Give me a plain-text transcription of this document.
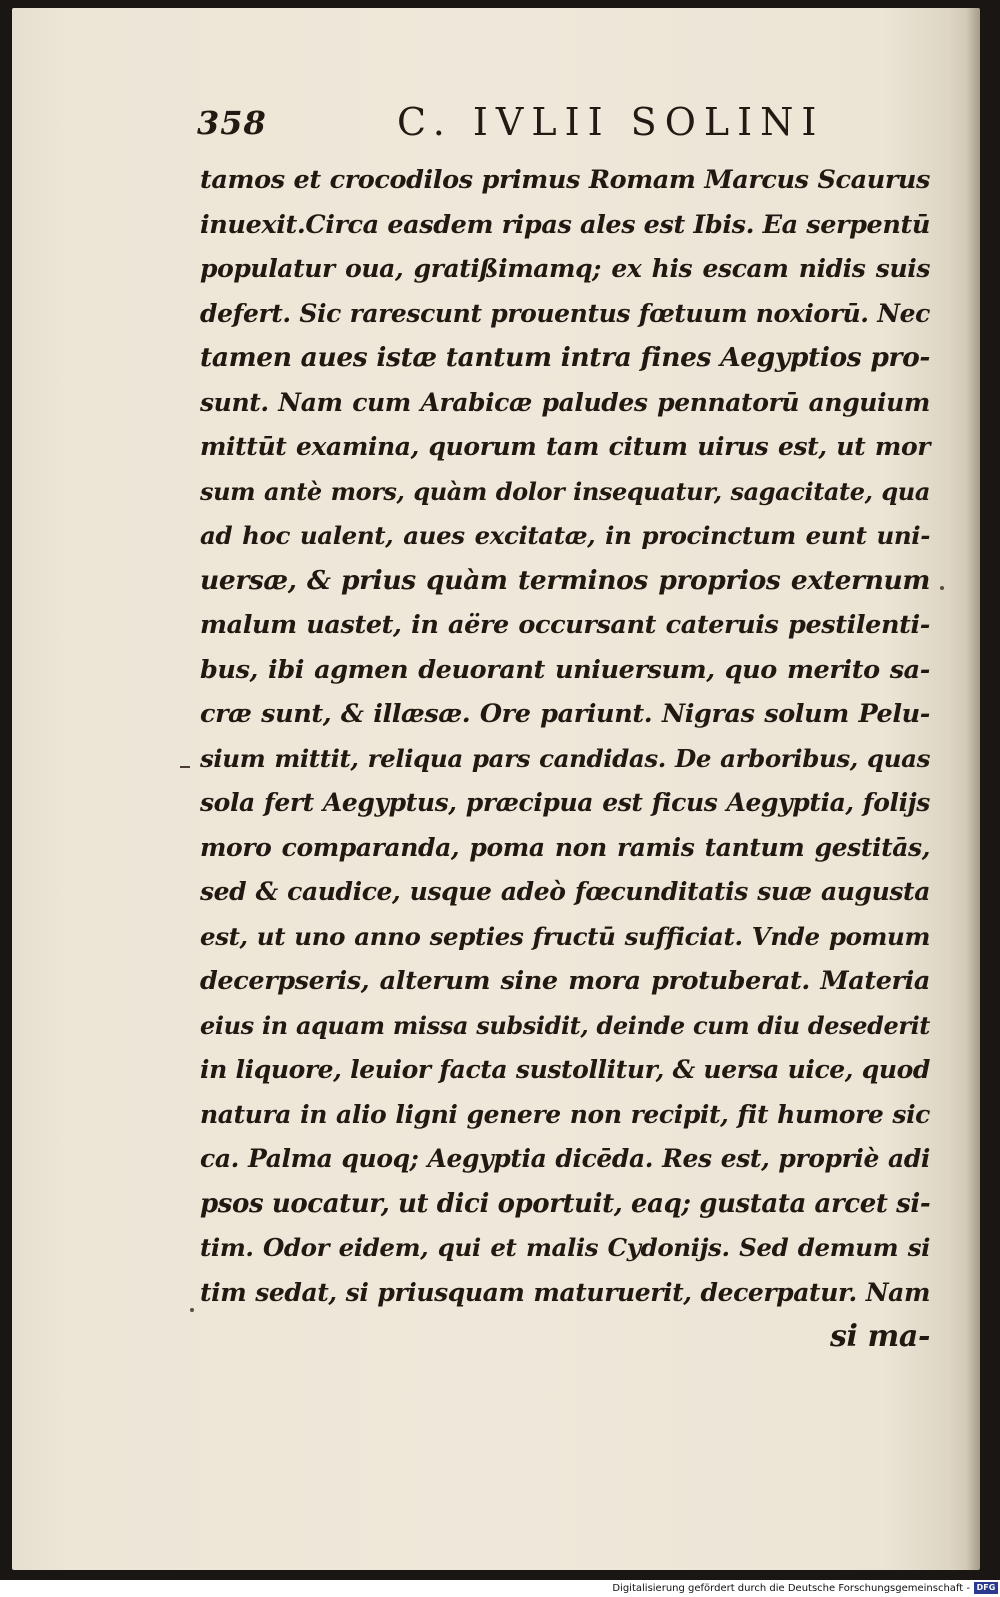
358	C. IVLII SOLINI
tamos et crocodilos primus Romam Marcus Scaurus
inuexit.Circa easdem ripas ales est Ibis. Ea serpentū
populatur oua, gratißimamq; ex his escam nidis suis
defert. Sic rarescunt prouentus fœtuum noxiorū. Nec
tamen aues istæ tantum intra fines Aegyptios pro-
sunt. Nam cum Arabicæ paludes pennatorū anguium
mittūt examina, quorum tam citum uirus est, ut mor
sum antè mors, quàm dolor insequatur, sagacitate, qua
ad hoc ualent, aues excitatæ, in procinctum eunt uni-
uersæ, & prius quàm terminos proprios externum
malum uastet, in aëre occursant cateruis pestilenti-
bus, ibi agmen deuorant uniuersum, quo merito sa-
cræ sunt, & illæsæ. Ore pariunt. Nigras solum Pelu-
sium mittit, reliqua pars candidas. De arboribus, quas
sola fert Aegyptus, præcipua est ficus Aegyptia, folijs
moro comparanda, poma non ramis tantum gestitās,
sed & caudice, usque adeò fœcunditatis suæ augusta
est, ut uno anno septies fructū sufficiat. Vnde pomum
decerpseris, alterum sine mora protuberat. Materia
eius in aquam missa subsidit, deinde cum diu desederit
in liquore, leuior facta sustollitur, & uersa uice, quod
natura in alio ligni genere non recipit, fit humore sic
ca. Palma quoq; Aegyptia dicēda. Res est, propriè adi
psos uocatur, ut dici oportuit, eaq; gustata arcet si-
tim. Odor eidem, qui et malis Cydonijs. Sed demum si
tim sedat, si priusquam maturuerit, decerpatur. Nam
si ma-
Digitalisierung gefördert durch die Deutsche Forschungsgemeinschaft - DFG
